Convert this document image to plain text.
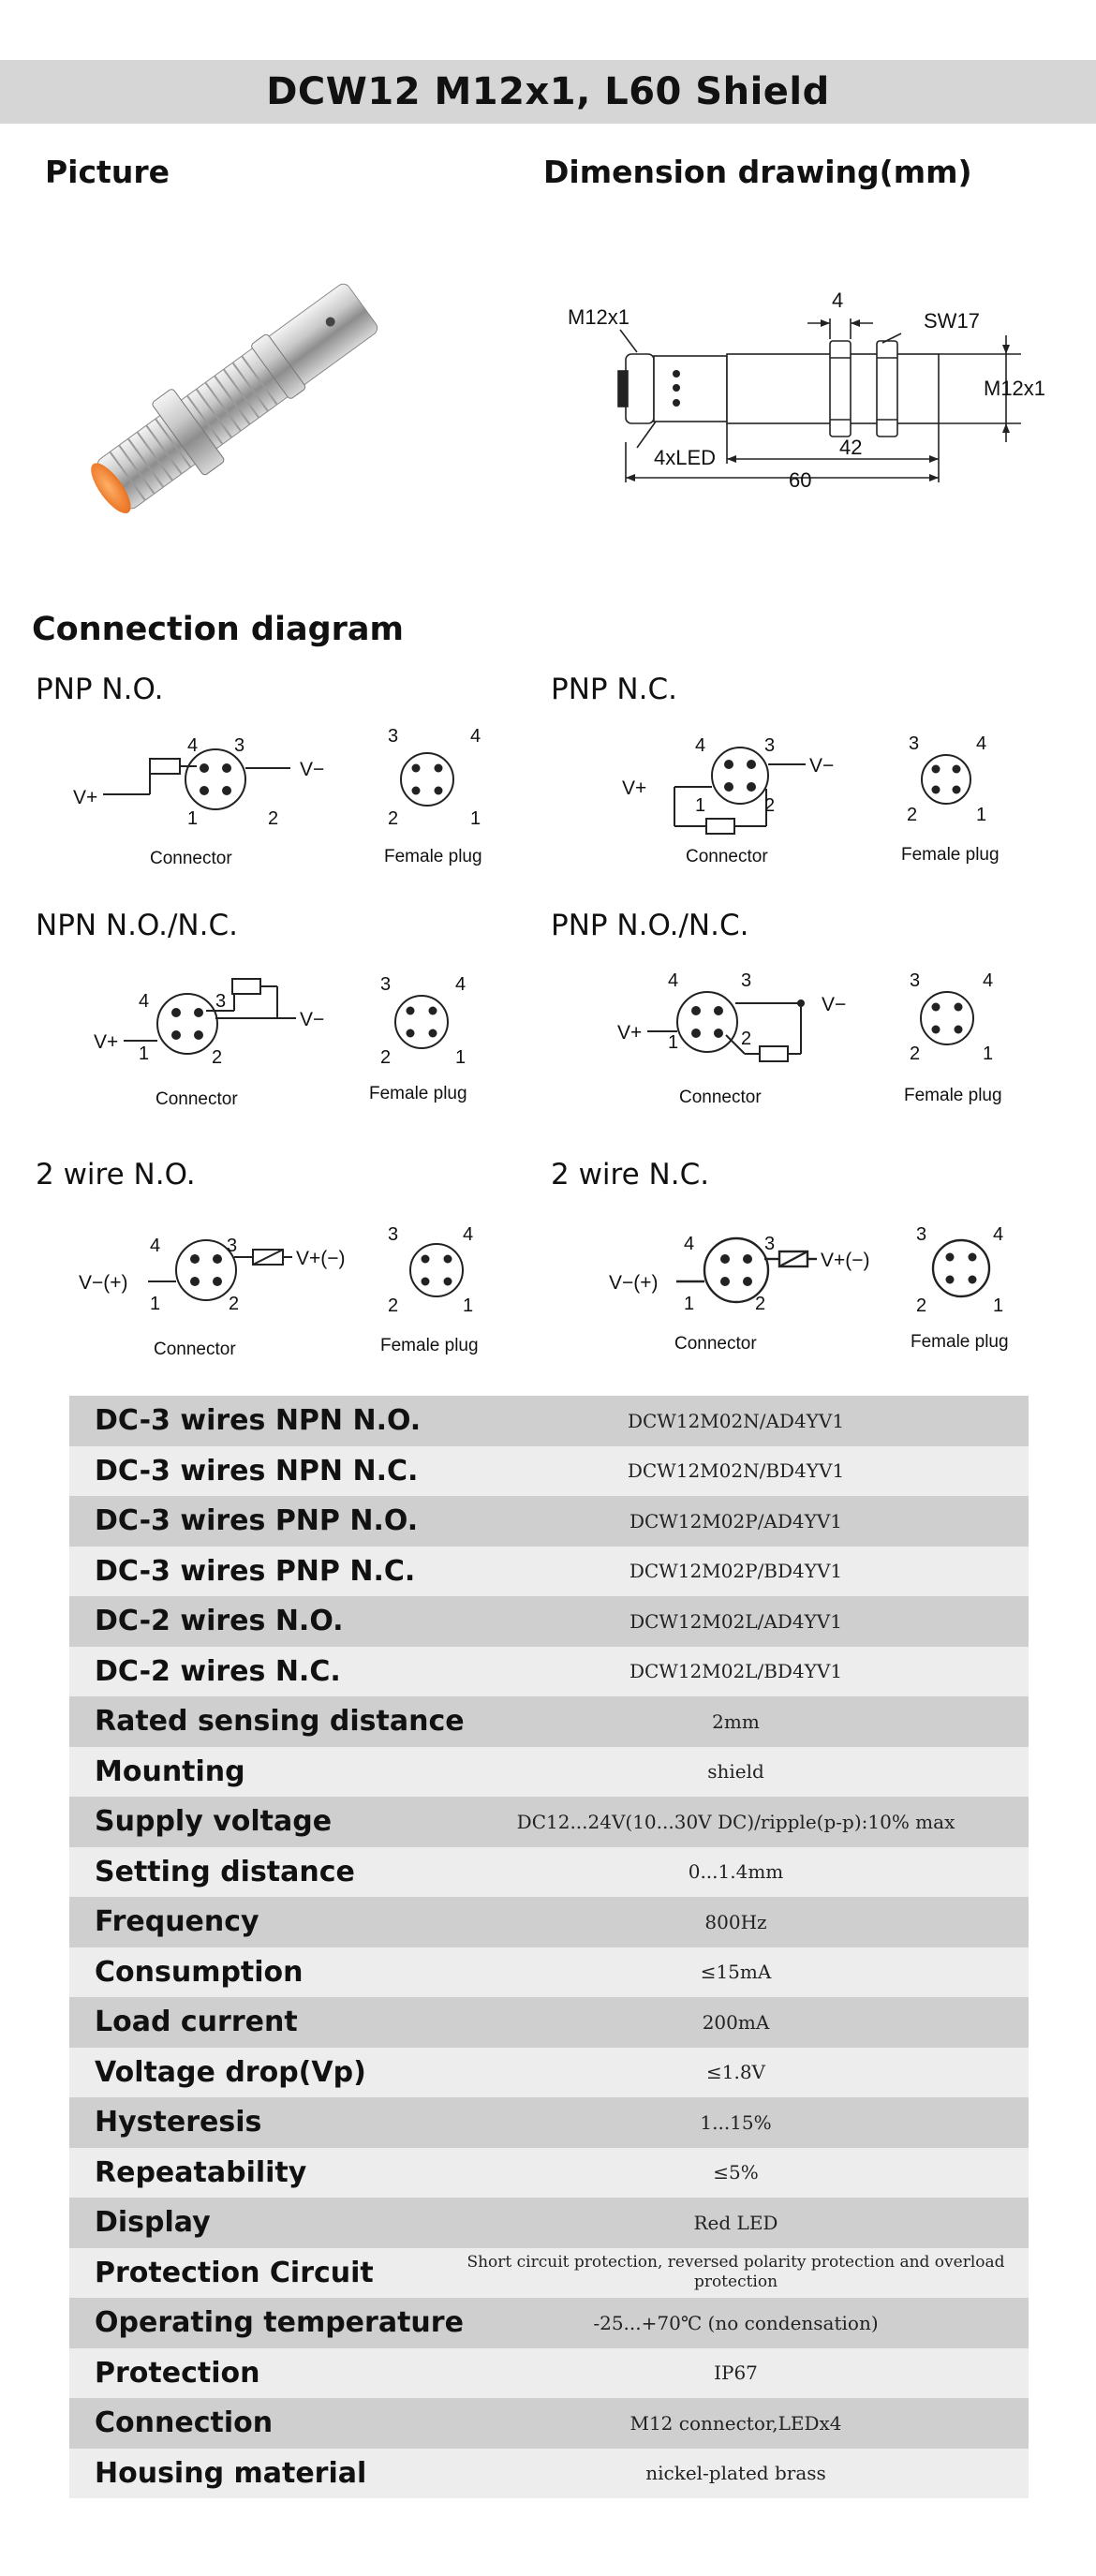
DCW12 M12x1, L60 Shield
Picture	Dimension drawing(mm)
Connection diagram
M12x1
4
SW17
M12x1
4xLED	42
60
PNP N.O.	PNP N.C.
NPN N.O./N.C.	PNP N.O./N.C.
2 wire N.O.	2 wire N.C.
V+
V−
4 3
1	2
Connector
3	4
2	1
Female plug
V+
V−
4	3
1	2
Connector
3	4
2	1
Female plug
V+
V−
4	3
1	2
Connector
3	4
2	1
Female plug
V+
V−
4	3
1	2
Connector
3	4
2	1
Female plug
V−(+)
V+(−)
4	3
1	2
Connector
3	4
2	1
Female plug
V−(+)
V+(−)
4	3
1	2
Connector
3	4
2	1
Female plug
DC-3 wires NPN N.O.	DCW12M02N/AD4YV1
DC-3 wires NPN N.C.	DCW12M02N/BD4YV1
DC-3 wires PNP N.O.	DCW12M02P/AD4YV1
DC-3 wires PNP N.C.	DCW12M02P/BD4YV1
DC-2 wires N.O.	DCW12M02L/AD4YV1
DC-2 wires N.C.	DCW12M02L/BD4YV1
Rated sensing distance	2mm
Mounting	shield
Supply voltage	DC12...24V(10...30V DC)/ripple(p-p):10% max
Setting distance	0...1.4mm
Frequency	800Hz
Consumption	≤15mA
Load current	200mA
Voltage drop(Vp)	≤1.8V
Hysteresis	1...15%
Repeatability	≤5%
Display	Red LED
Protection Circuit	Short circuit protection, reversed polarity protection and overload protection
Operating temperature	-25...+70℃ (no condensation)
Protection	IP67
Connection	M12 connector,LEDx4
Housing material	nickel-plated brass
